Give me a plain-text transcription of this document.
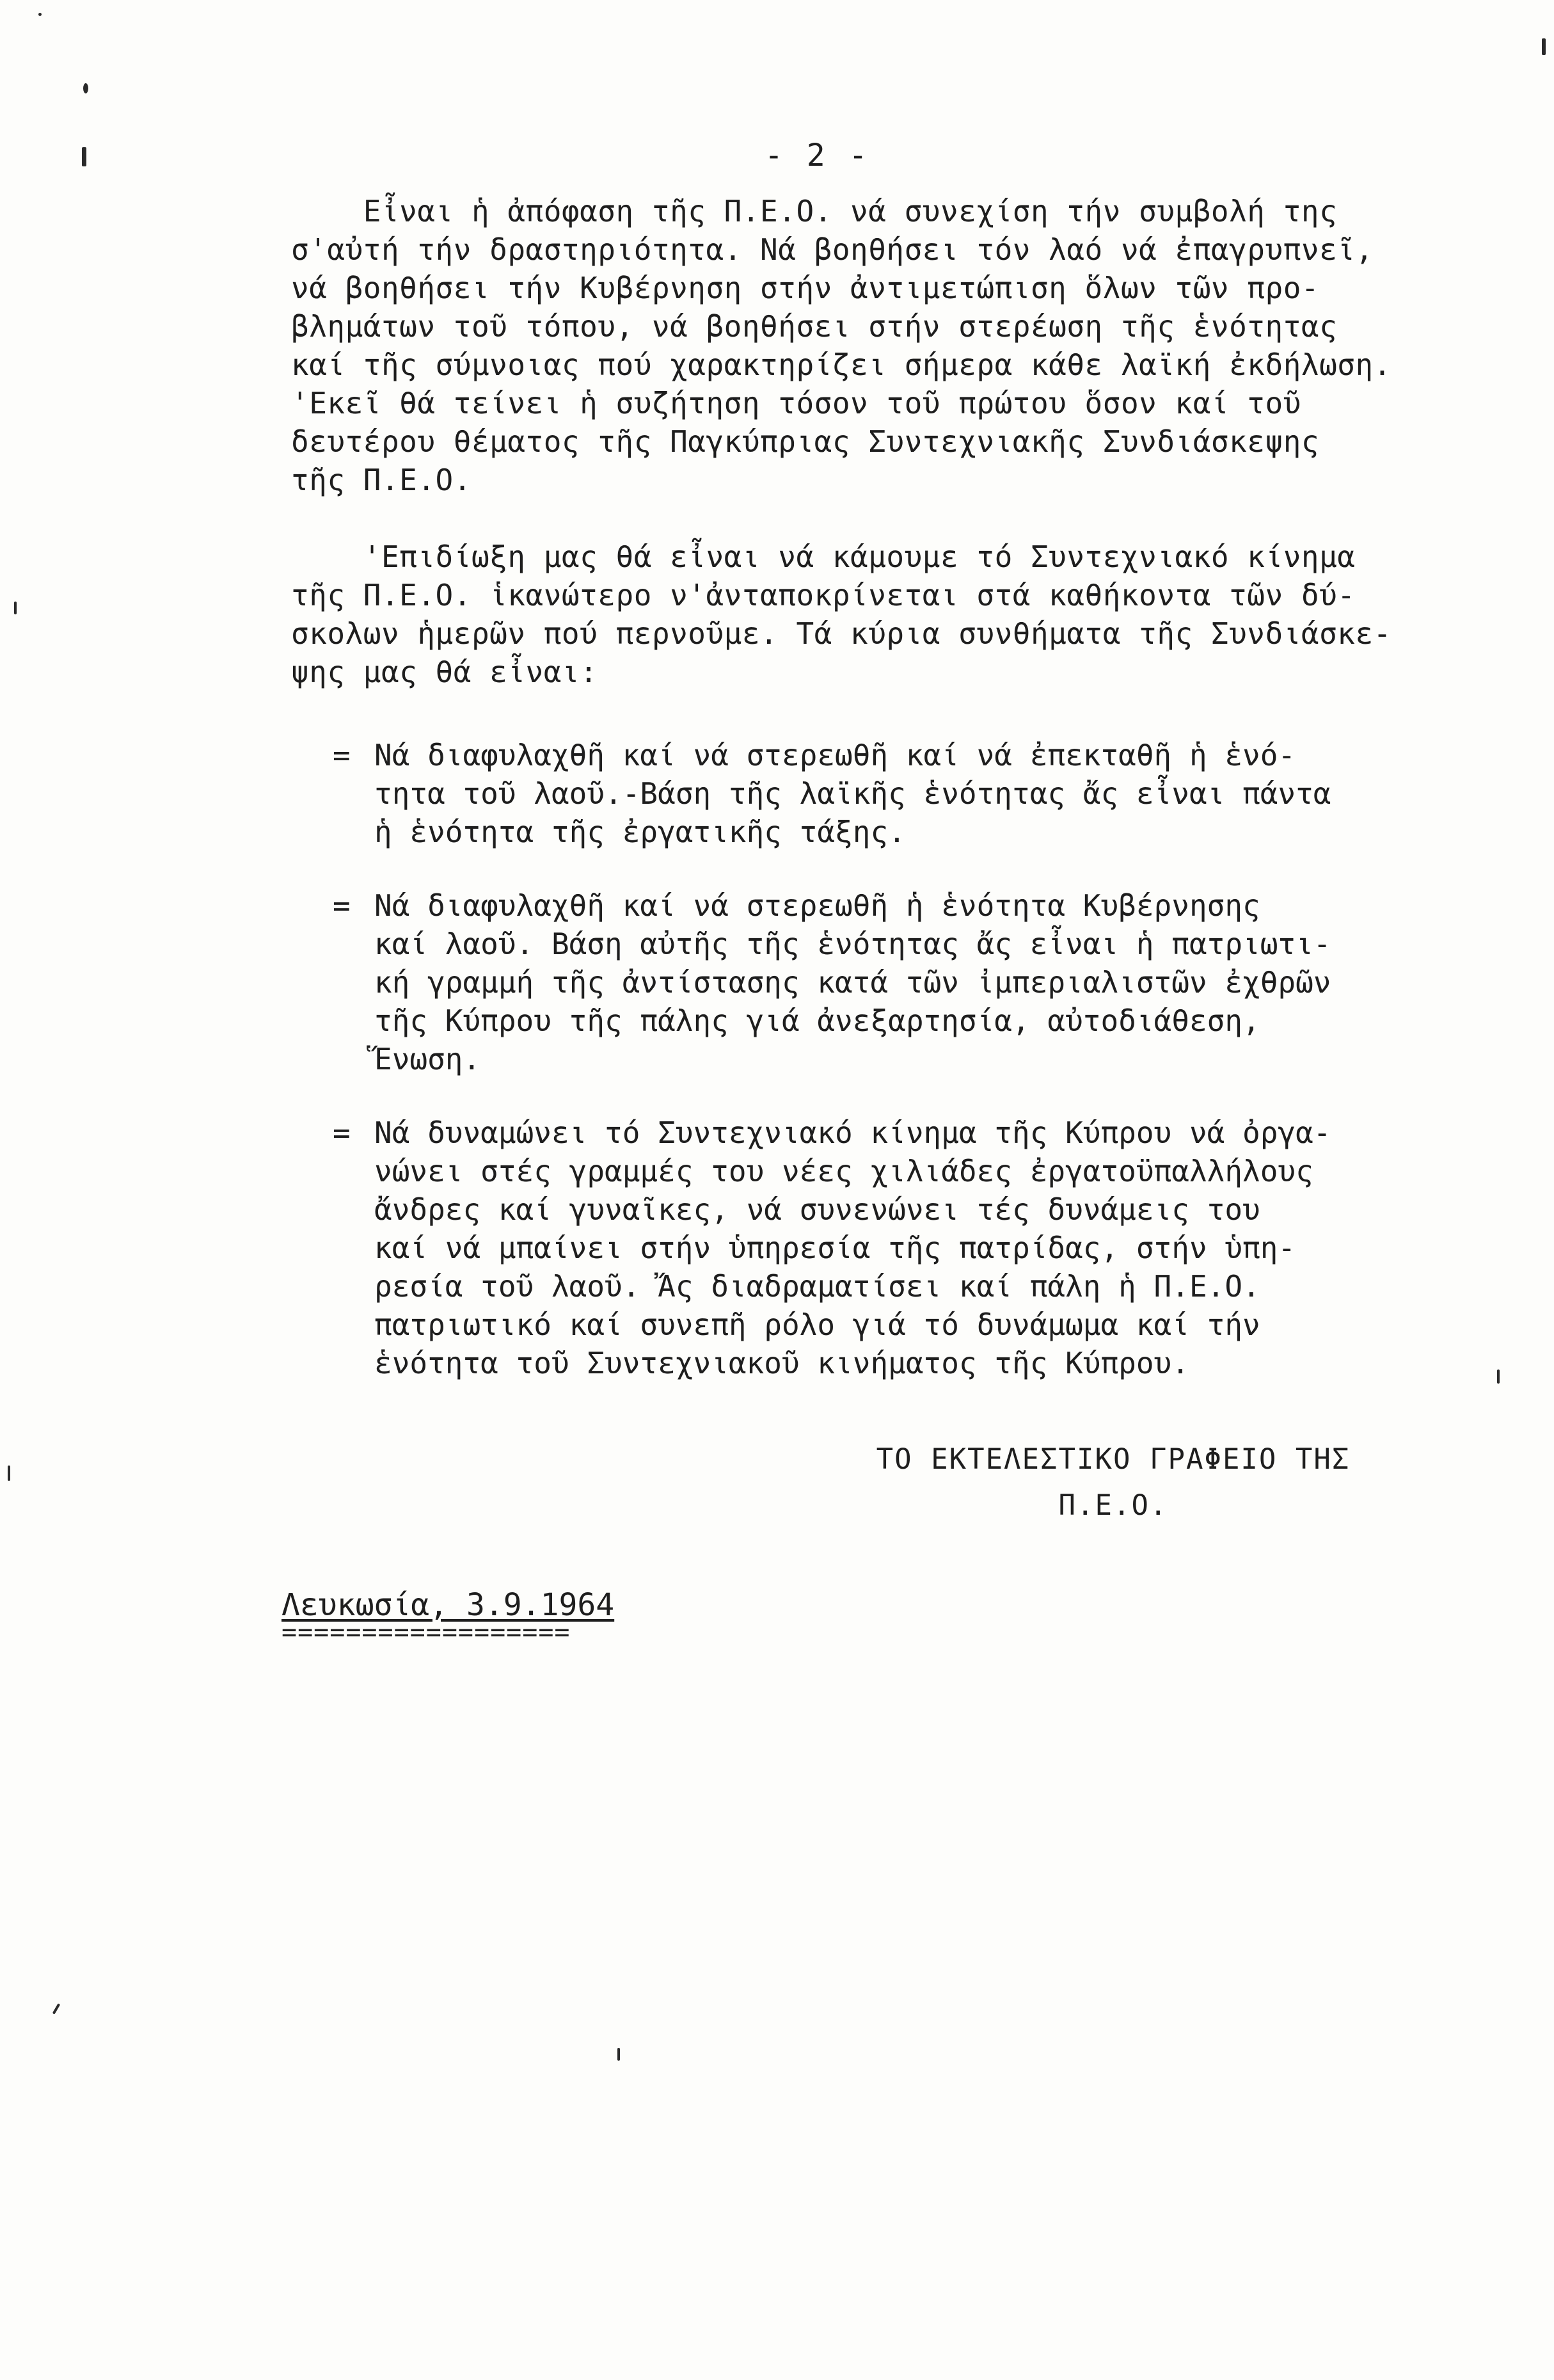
- 2 -
Εἶναι ἡ ἀπόφαση τῆς Π.Ε.Ο. νά συνεχίση τήν συμβολή της
σ'αὐτή τήν δραστηριότητα. Νά βοηθήσει τόν λαό νά ἐπαγρυπνεῖ,
νά βοηθήσει τήν Κυβέρνηση στήν ἀντιμετώπιση ὅλων τῶν προ-
βλημάτων τοῦ τόπου, νά βοηθήσει στήν στερέωση τῆς ἑνότητας
καί τῆς σύμνοιας πού χαρακτηρίζει σήμερα κάθε λαϊκή ἐκδήλωση.
'Εκεῖ θά τείνει ἡ συζήτηση τόσον τοῦ πρώτου ὅσον καί τοῦ
δευτέρου θέματος τῆς Παγκύπριας Συντεχνιακῆς Συνδιάσκεψης
τῆς Π.Ε.Ο.
'Επιδίωξη μας θά εἶναι νά κάμουμε τό Συντεχνιακό κίνημα
τῆς Π.Ε.Ο. ἱκανώτερο ν'ἀνταποκρίνεται στά καθήκοντα τῶν δύ-
σκολων ἡμερῶν πού περνοῦμε. Τά κύρια συνθήματα τῆς Συνδιάσκε-
ψης μας θά εἶναι:
= Νά διαφυλαχθῆ καί νά στερεωθῆ καί νά ἐπεκταθῆ ἡ ἑνό-
τητα τοῦ λαοῦ.-Βάση τῆς λαϊκῆς ἑνότητας ἄς εἶναι πάντα
ἡ ἑνότητα τῆς ἐργατικῆς τάξης.
= Νά διαφυλαχθῆ καί νά στερεωθῆ ἡ ἑνότητα Κυβέρνησης
καί λαοῦ. Βάση αὐτῆς τῆς ἑνότητας ἄς εἶναι ἡ πατριωτι-
κή γραμμή τῆς ἀντίστασης κατά τῶν ἰμπεριαλιστῶν ἐχθρῶν
τῆς Κύπρου τῆς πάλης γιά ἀνεξαρτησία, αὐτοδιάθεση,
Ἕνωση.
= Νά δυναμώνει τό Συντεχνιακό κίνημα τῆς Κύπρου νά ὀργα-
νώνει στές γραμμές του νέες χιλιάδες ἐργατοϋπαλλήλους
ἄνδρες καί γυναῖκες, νά συνενώνει τές δυνάμεις του
καί νά μπαίνει στήν ὑπηρεσία τῆς πατρίδας, στήν ὑπη-
ρεσία τοῦ λαοῦ. Ἄς διαδραματίσει καί πάλη ἡ Π.Ε.Ο.
πατριωτικό καί συνεπῆ ρόλο γιά τό δυνάμωμα καί τήν
ἑνότητα τοῦ Συντεχνιακοῦ κινήματος τῆς Κύπρου.
ΤΟ ΕΚΤΕΛΕΣΤΙΚΟ ΓΡΑΦΕΙΟ ΤΗΣ
Π.Ε.Ο.
Λευκωσία, 3.9.1964
==================
